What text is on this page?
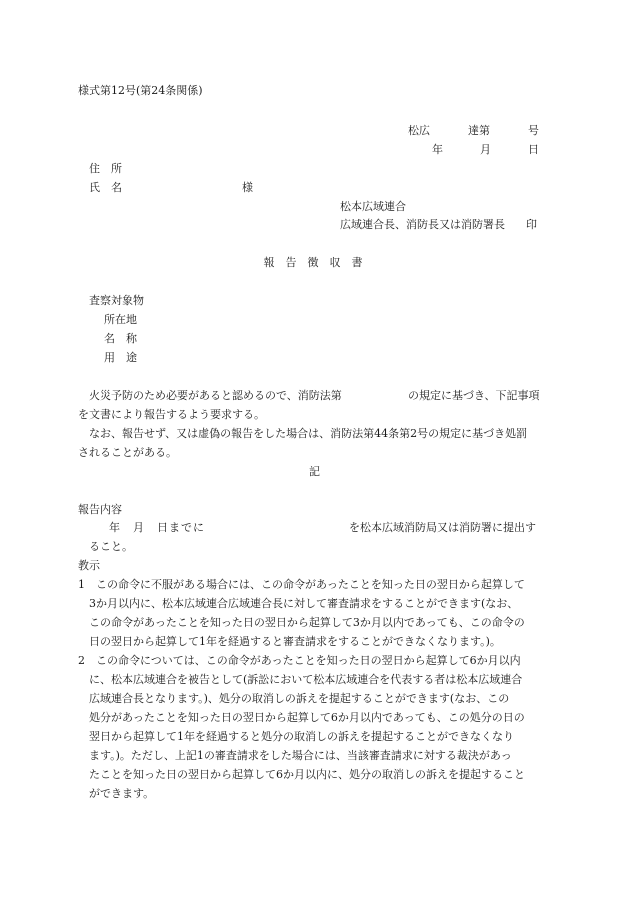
様式第12号(第24条関係)
松広	達第	号
年	月	日
住　所
氏　名	様
松本広域連合
広域連合長、消防長又は消防署長 印
報告徴収書
査察対象物
所在地
名　称
用　途
火災予防のため必要があると認めるので、消防法第	の規定に基づき、下記事項
を文書により報告するよう要求する。
なお、報告せず、又は虚偽の報告をした場合は、消防法第44条第2号の規定に基づき処罰
されることがある。
記
報告内容
年　月　日までに	を松本広域消防局又は消防署に提出す
ること。
教示
1 この命令に不服がある場合には、この命令があったことを知った日の翌日から起算して
3か月以内に、松本広域連合広域連合長に対して審査請求をすることができます(なお、
この命令があったことを知った日の翌日から起算して3か月以内であっても、この命令の
日の翌日から起算して1年を経過すると審査請求をすることができなくなります。)。
2 この命令については、この命令があったことを知った日の翌日から起算して6か月以内
に、松本広域連合を被告として(訴訟において松本広域連合を代表する者は松本広域連合
広域連合長となります。)、処分の取消しの訴えを提起することができます(なお、この
処分があったことを知った日の翌日から起算して6か月以内であっても、この処分の日の
翌日から起算して1年を経過すると処分の取消しの訴えを提起することができなくなり
ます。)。ただし、上記1の審査請求をした場合には、当該審査請求に対する裁決があっ
たことを知った日の翌日から起算して6か月以内に、処分の取消しの訴えを提起すること
ができます。
